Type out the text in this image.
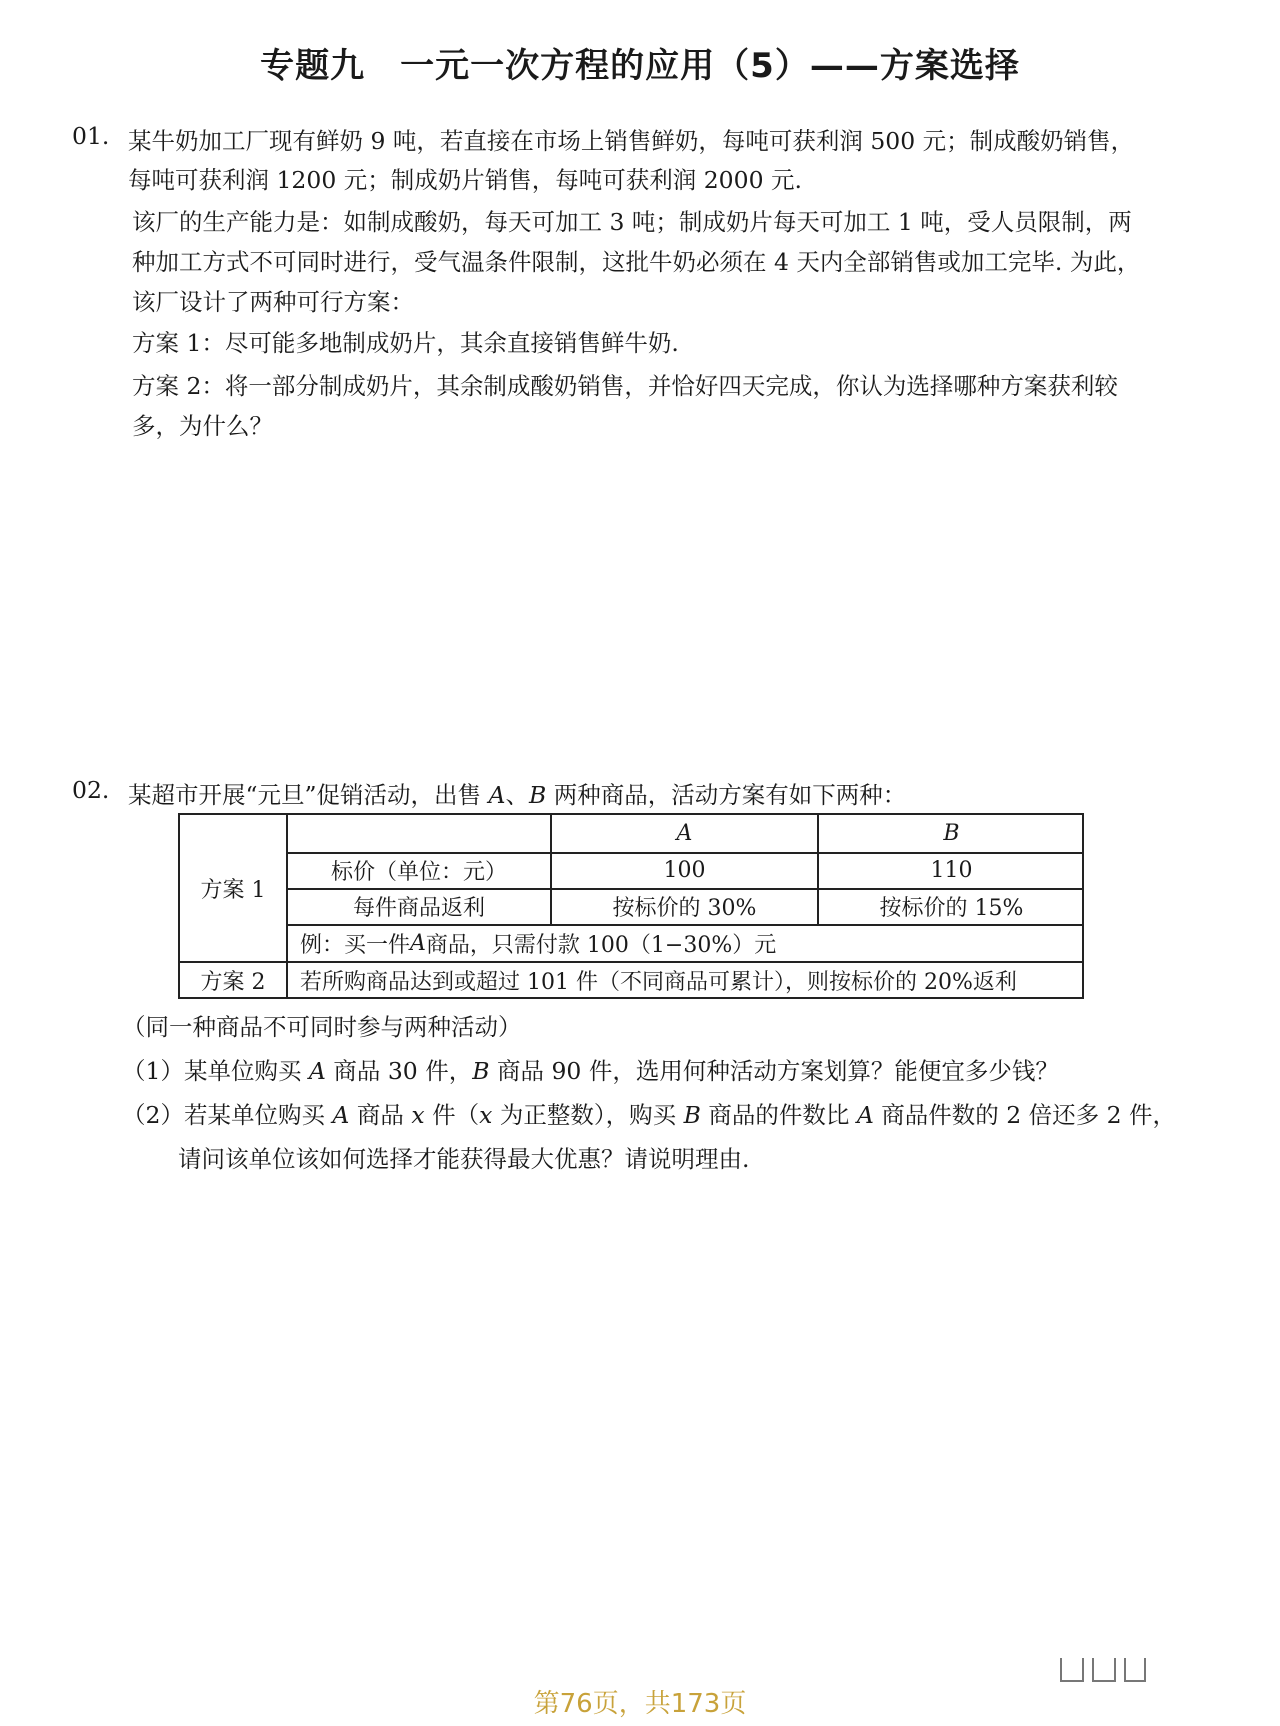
专题九　一元一次方程的应用（5）——方案选择
01. 某牛奶加工厂现有鲜奶 9 吨，若直接在市场上销售鲜奶，每吨可获利润 500 元；制成酸奶销售，
每吨可获利润 1200 元；制成奶片销售，每吨可获利润 2000 元.
该厂的生产能力是：如制成酸奶，每天可加工 3 吨；制成奶片每天可加工 1 吨，受人员限制，两
种加工方式不可同时进行，受气温条件限制，这批牛奶必须在 4 天内全部销售或加工完毕. 为此，
该厂设计了两种可行方案：
方案 1：尽可能多地制成奶片，其余直接销售鲜牛奶.
方案 2：将一部分制成奶片，其余制成酸奶销售，并恰好四天完成，你认为选择哪种方案获利较
多，为什么？
02. 某超市开展“元旦”促销活动，出售 A、B 两种商品，活动方案有如下两种：
A	B
方案 1
标价（单位：元）	100	110
每件商品返利	按标价的 30%	按标价的 15%
例：买一件 A 商品，只需付款 100（1−30%）元
方案 2	若所购商品达到或超过 101 件（不同商品可累计），则按标价的 20%返利
（同一种商品不可同时参与两种活动）
（1）某单位购买 A 商品 30 件，B 商品 90 件，选用何种活动方案划算？能便宜多少钱？
（2）若某单位购买 A 商品 x 件（x 为正整数），购买 B 商品的件数比 A 商品件数的 2 倍还多 2 件，
请问该单位该如何选择才能获得最大优惠？请说明理由.
第76页，共173页
